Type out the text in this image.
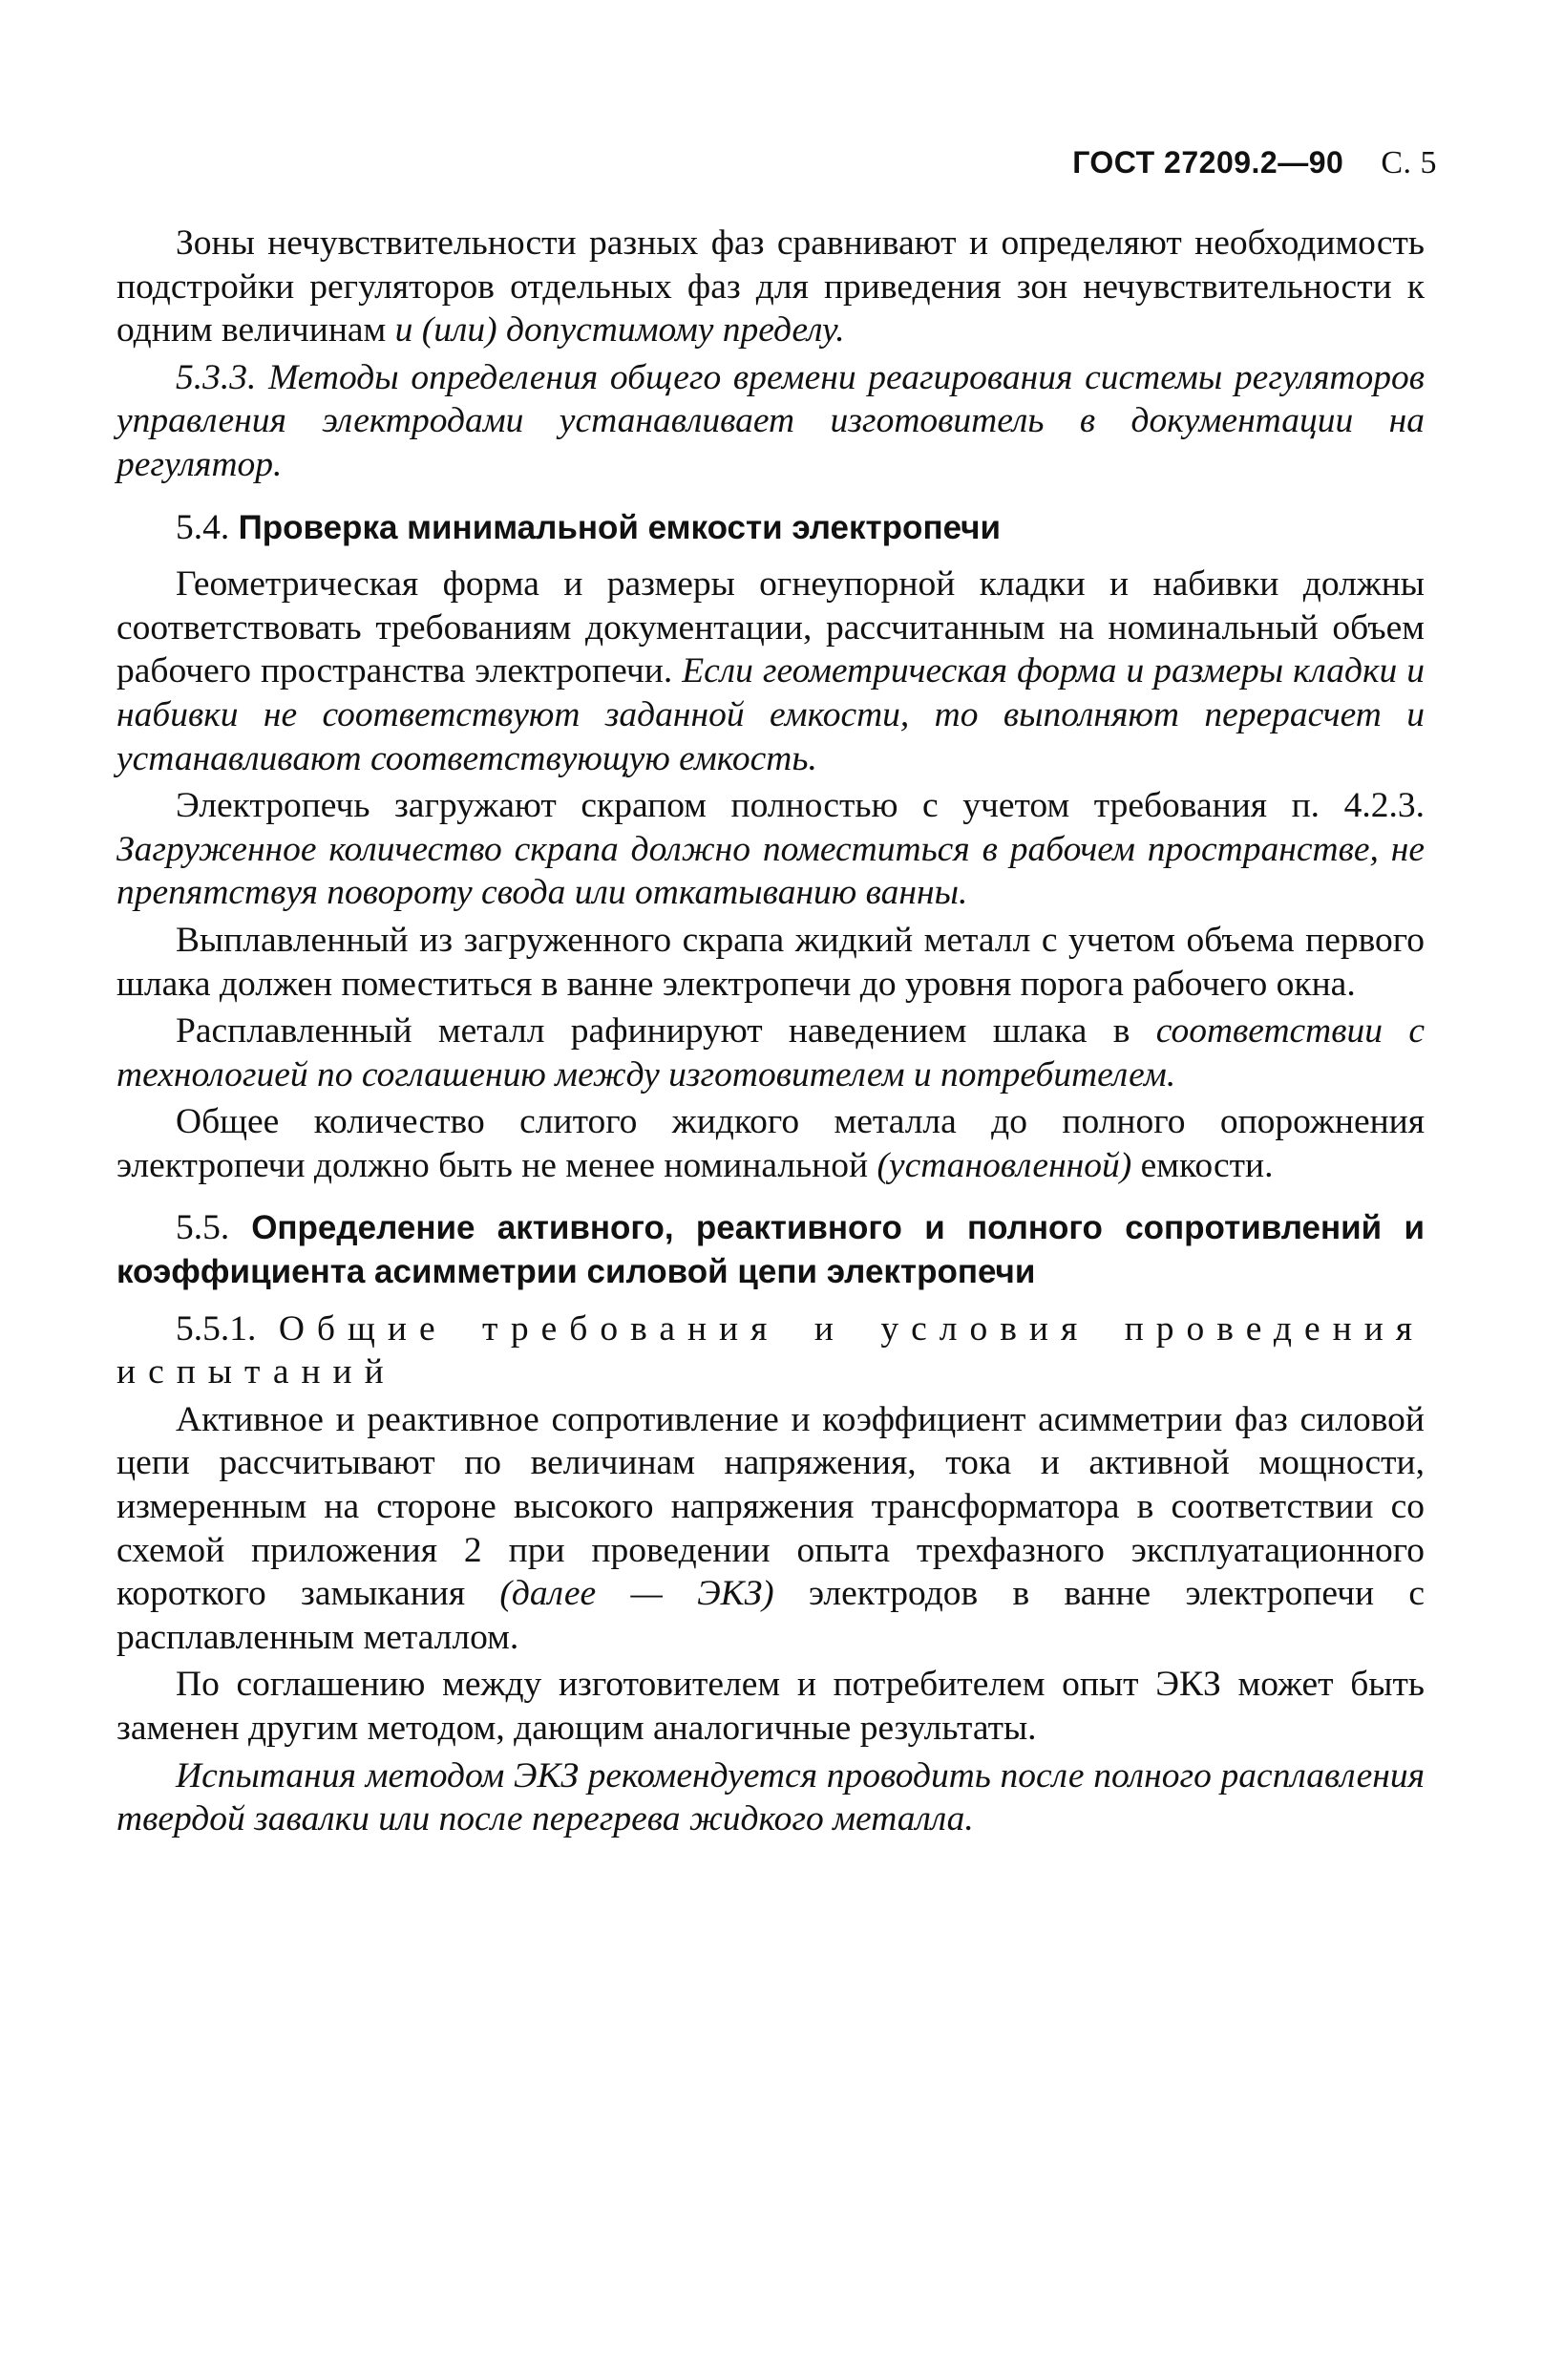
ГОСТ 27209.2—90 С. 5

Зоны нечувствительности разных фаз сравнивают и определяют необходимость подстройки регуляторов отдельных фаз для приведения зон нечувствительности к одним величинам и (или) допустимому пределу.

5.3.3. Методы определения общего времени реагирования системы регуляторов управления электродами устанавливает изготовитель в документации на регулятор.

5.4. Проверка минимальной емкости электропечи

Геометрическая форма и размеры огнеупорной кладки и набивки должны соответствовать требованиям документации, рассчитанным на номинальный объем рабочего пространства электропечи. Если геометрическая форма и размеры кладки и набивки не соответствуют заданной емкости, то выполняют перерасчет и устанавливают соответствующую емкость.

Электропечь загружают скрапом полностью с учетом требования п. 4.2.3. Загруженное количество скрапа должно поместиться в рабочем пространстве, не препятствуя повороту свода или откатыванию ванны.

Выплавленный из загруженного скрапа жидкий металл с учетом объема первого шлака должен поместиться в ванне электропечи до уровня порога рабочего окна.

Расплавленный металл рафинируют наведением шлака в соответствии с технологией по соглашению между изготовителем и потребителем.

Общее количество слитого жидкого металла до полного опорожнения электропечи должно быть не менее номинальной (установленной) емкости.

5.5. Определение активного, реактивного и полного сопротивлений и коэффициента асимметрии силовой цепи электропечи

5.5.1. Общие требования и условия проведения испытаний

Активное и реактивное сопротивление и коэффициент асимметрии фаз силовой цепи рассчитывают по величинам напряжения, тока и активной мощности, измеренным на стороне высокого напряжения трансформатора в соответствии со схемой приложения 2 при проведении опыта трехфазного эксплуатационного короткого замыкания (далее — ЭКЗ) электродов в ванне электропечи с расплавленным металлом.

По соглашению между изготовителем и потребителем опыт ЭКЗ может быть заменен другим методом, дающим аналогичные результаты.

Испытания методом ЭКЗ рекомендуется проводить после полного расплавления твердой завалки или после перегрева жидкого металла.
